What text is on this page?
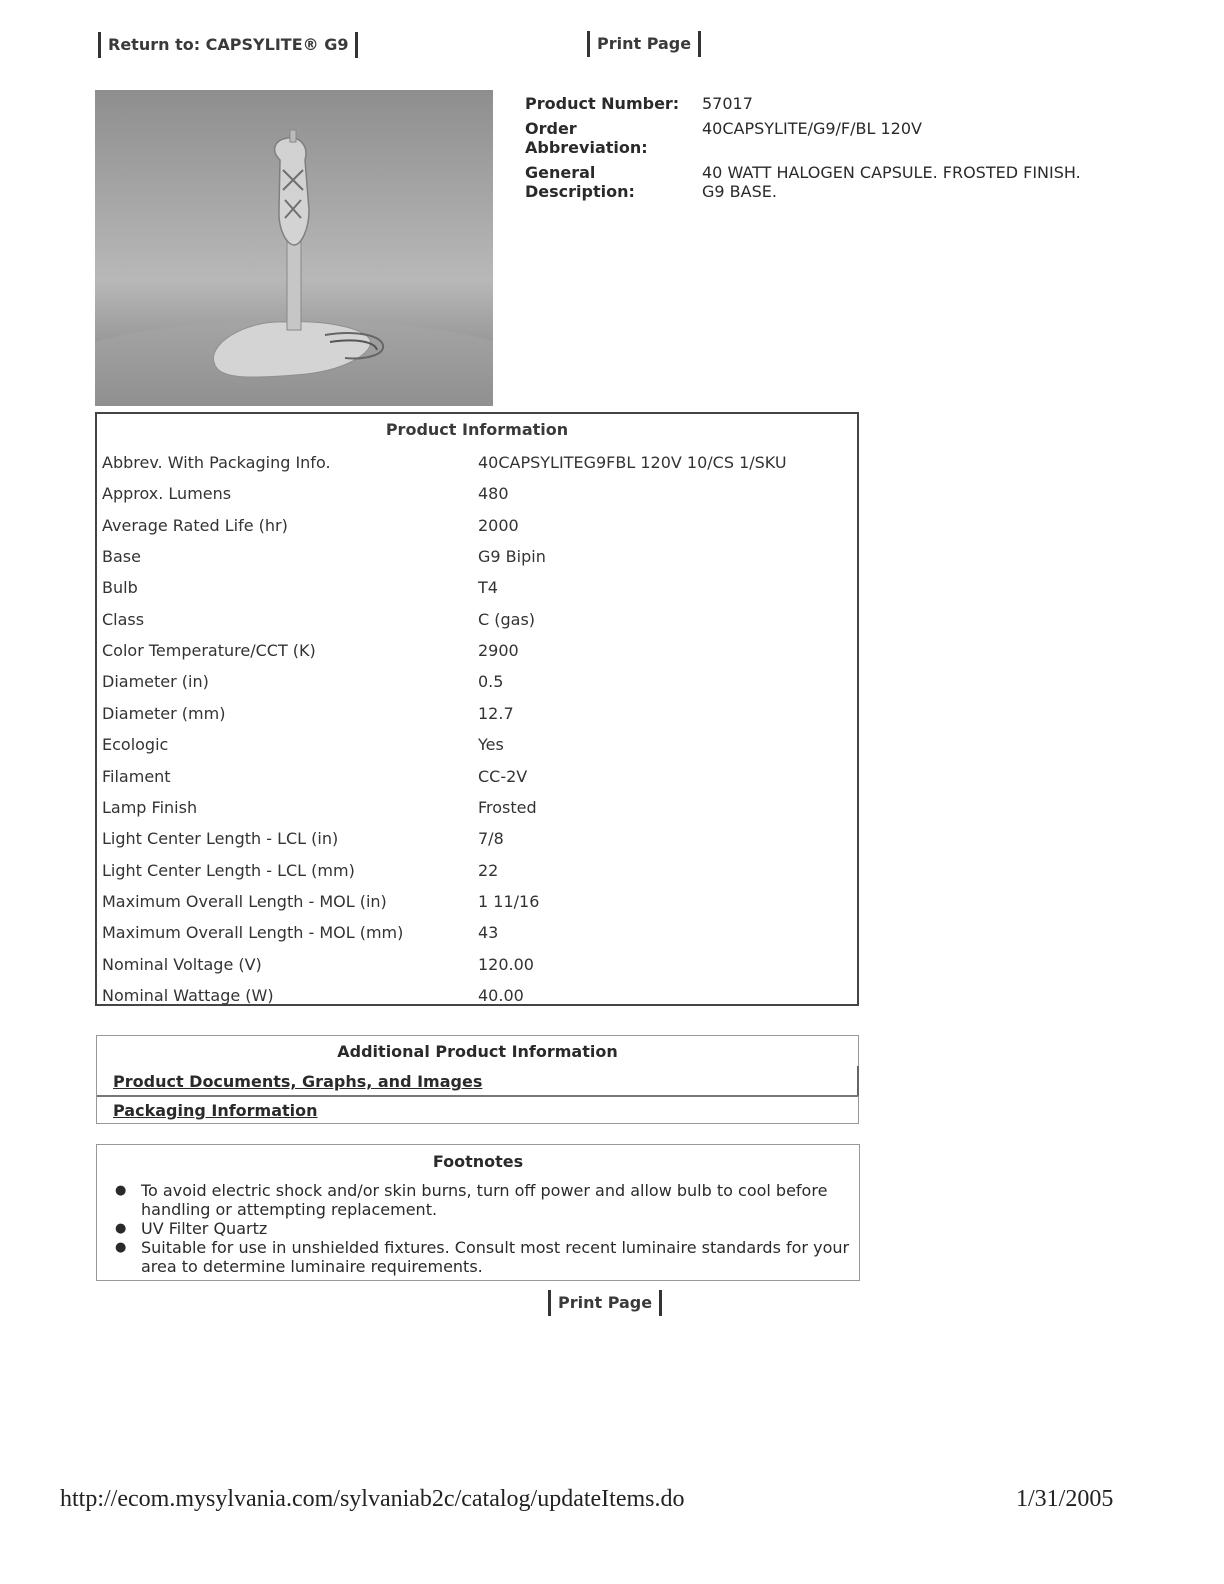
Return to: CAPSYLITE® G9	Print Page
Product Number:	57017
Order Abbreviation:
40CAPSYLITE/G9/F/BL 120V
General Description:
40 WATT HALOGEN CAPSULE. FROSTED FINISH. G9 BASE.
Product Information
Abbrev. With Packaging Info.	40CAPSYLITEG9FBL 120V 10/CS 1/SKU
Approx. Lumens	480
Average Rated Life (hr)	2000
Base	G9 Bipin
Bulb	T4
Class	C (gas)
Color Temperature/CCT (K)	2900
Diameter (in)	0.5
Diameter (mm)	12.7
Ecologic	Yes
Filament	CC-2V
Lamp Finish	Frosted
Light Center Length - LCL (in)	7/8
Light Center Length - LCL (mm)	22
Maximum Overall Length - MOL (in)	1 11/16
Maximum Overall Length - MOL (mm)	43
Nominal Voltage (V)	120.00
Nominal Wattage (W)	40.00
Additional Product Information
Product Documents, Graphs, and Images
Packaging Information
Footnotes
● To avoid electric shock and/or skin burns, turn off power and allow bulb to cool before handling or attempting replacement.
● UV Filter Quartz
● Suitable for use in unshielded fixtures. Consult most recent luminaire standards for your area to determine luminaire requirements.
Print Page
http://ecom.mysylvania.com/sylvaniab2c/catalog/updateItems.do	1/31/2005
